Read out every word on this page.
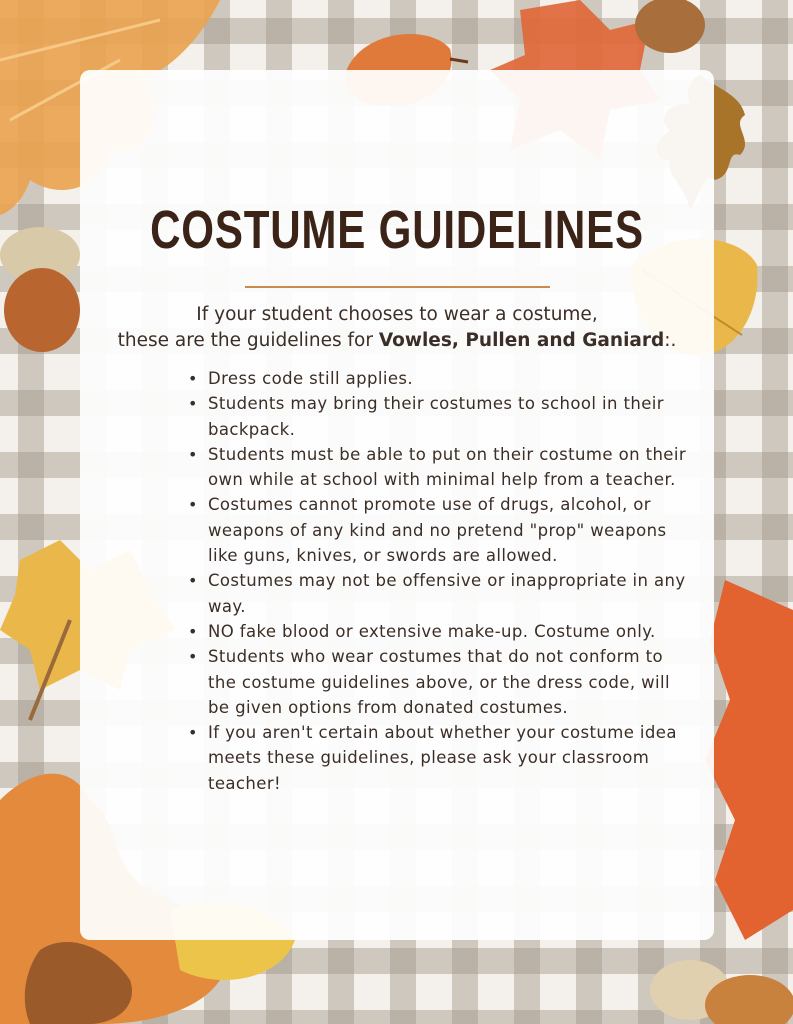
COSTUME GUIDELINES
If your student chooses to wear a costume,
these are the guidelines for Vowles, Pullen and Ganiard:.
• Dress code still applies.
• Students may bring their costumes to school in their backpack.
• Students must be able to put on their costume on their own while at school with minimal help from a teacher.
• Costumes cannot promote use of drugs, alcohol, or weapons of any kind and no pretend "prop" weapons like guns, knives, or swords are allowed.
• Costumes may not be offensive or inappropriate in any way.
• NO fake blood or extensive make-up. Costume only.
• Students who wear costumes that do not conform to the costume guidelines above, or the dress code, will be given options from donated costumes.
• If you aren't certain about whether your costume idea meets these guidelines, please ask your classroom teacher!
